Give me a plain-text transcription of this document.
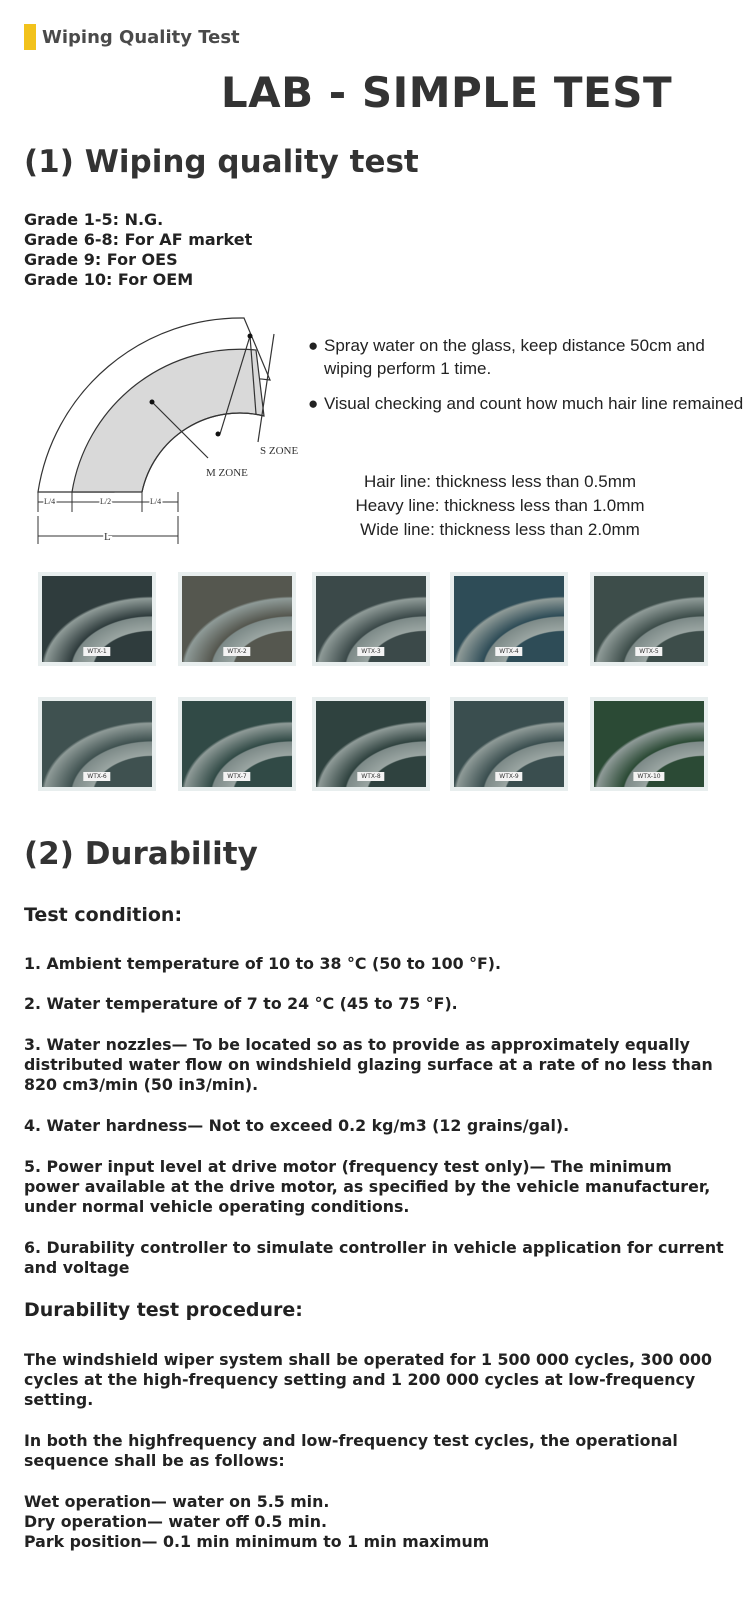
Wiping Quality Test
LAB - SIMPLE TEST
(1) Wiping quality test
Grade 1-5: N.G.
Grade 6-8: For AF market
Grade 9: For OES
Grade 10: For OEM
S ZONE
M ZONE
L/4	L/2	L/4
L
● Spray water on the glass, keep distance 50cm and wiping perform 1 time.
● Visual checking and count how much hair line remained
Hair line: thickness less than 0.5mm
Heavy line: thickness less than 1.0mm
Wide line: thickness less than 2.0mm
WTX-1	WTX-2	WTX-3	WTX-4	WTX-5
WTX-6	WTX-7	WTX-8	WTX-9	WTX-10
(2) Durability
Test condition:
1. Ambient temperature of 10 to 38 °C (50 to 100 °F).
2. Water temperature of 7 to 24 °C (45 to 75 °F).
3. Water nozzles— To be located so as to provide as approximately equally distributed water flow on windshield glazing surface at a rate of no less than 820 cm3/min (50 in3/min).
4. Water hardness— Not to exceed 0.2 kg/m3 (12 grains/gal).
5. Power input level at drive motor (frequency test only)— The minimum power available at the drive motor, as specified by the vehicle manufacturer, under normal vehicle operating conditions.
6. Durability controller to simulate controller in vehicle application for current and voltage
Durability test procedure:
The windshield wiper system shall be operated for 1 500 000 cycles, 300 000 cycles at the high-frequency setting and 1 200 000 cycles at low-frequency setting.
In both the highfrequency and low-frequency test cycles, the operational sequence shall be as follows:
Wet operation— water on 5.5 min.
Dry operation— water off 0.5 min.
Park position— 0.1 min minimum to 1 min maximum
